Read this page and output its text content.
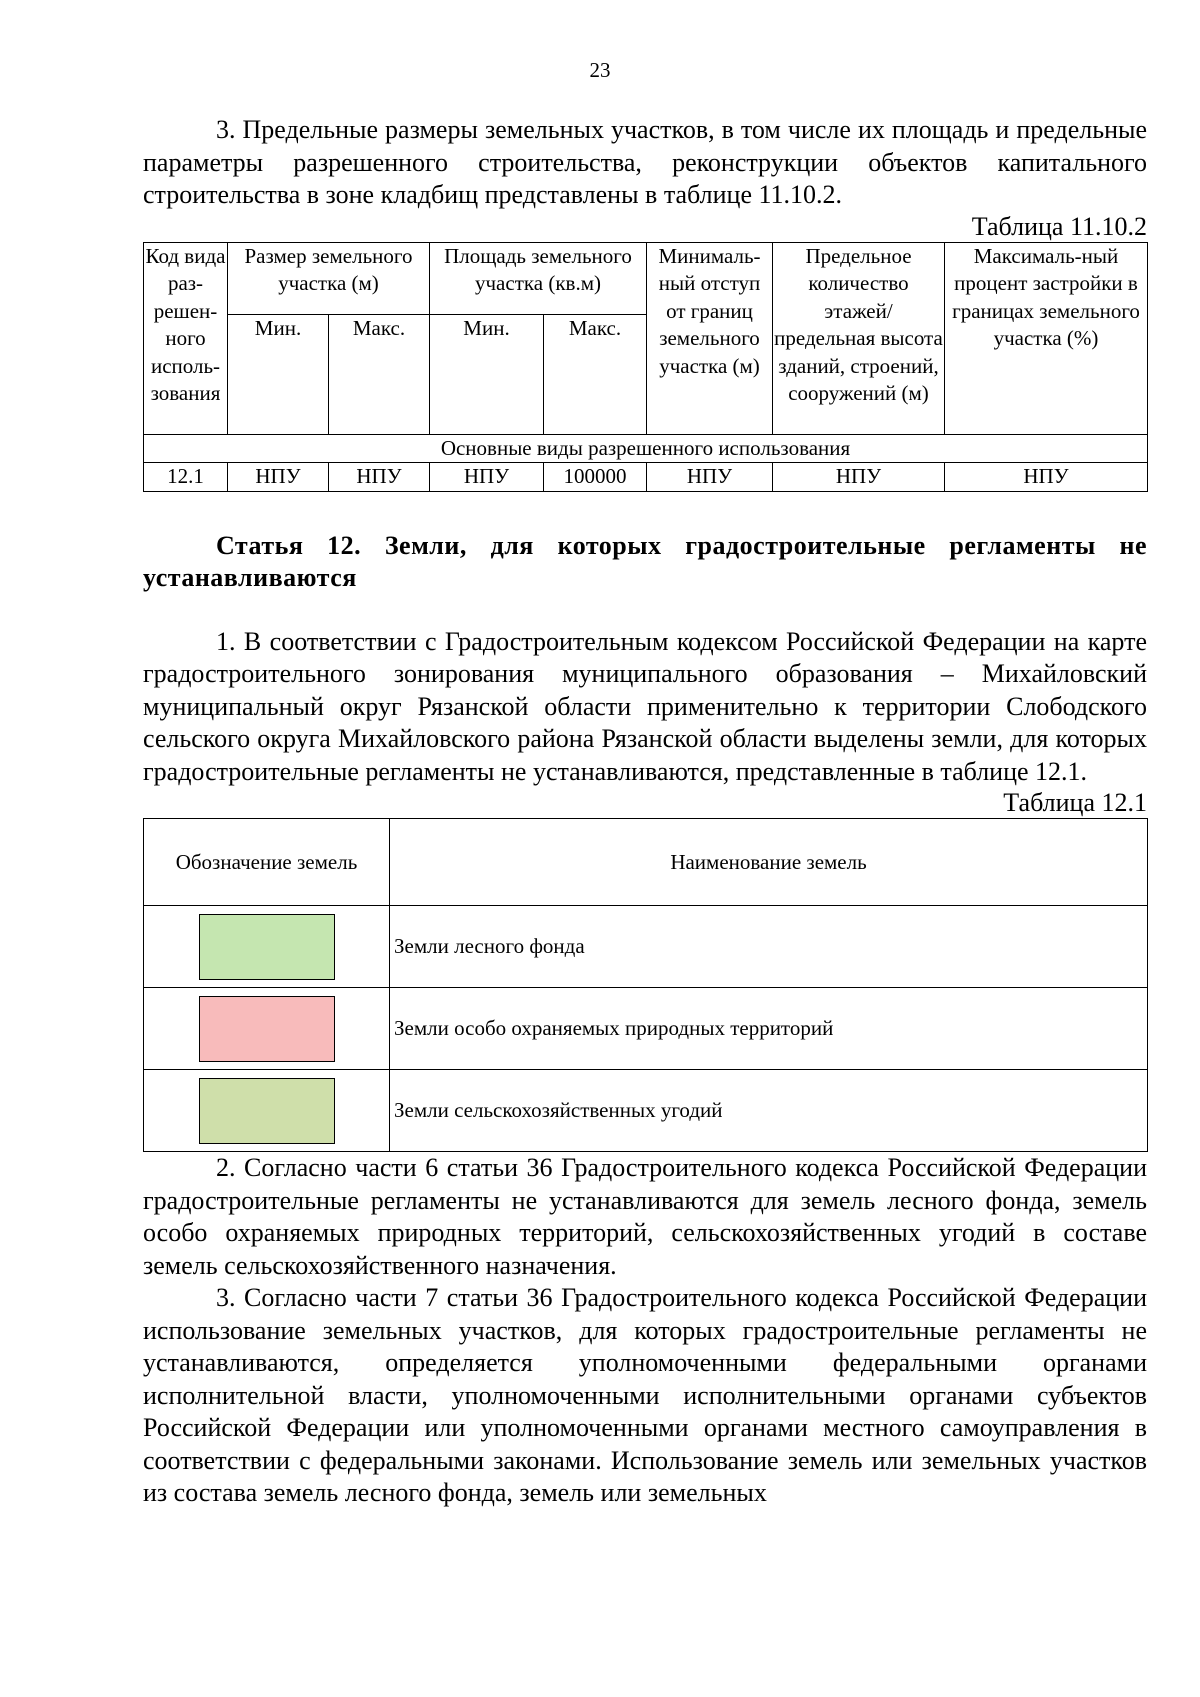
23

3. Предельные размеры земельных участков, в том числе их площадь и предельные параметры разрешенного строительства, реконструкции объектов капитального строительства в зоне кладбищ представлены в таблице 11.10.2.

Таблица 11.10.2

Код вида раз-решен-ного исполь-зования	Размер земельного участка (м)		Площадь земельного участка (кв.м)		Минималь-ный отступ от границ земельного участка (м)	Предельное количество этажей/ предельная высота зданий, строений, сооружений (м)	Максималь-ный процент застройки в границах земельного участка (%)
	Мин.	Макс.	Мин.	Макс.			
Основные виды разрешенного использования							
12.1	НПУ	НПУ	НПУ	100000	НПУ	НПУ	НПУ

Статья 12. Земли, для которых градостроительные регламенты не устанавливаются

1. В соответствии с Градостроительным кодексом Российской Федерации на карте градостроительного зонирования муниципального образования – Михайловский муниципальный округ Рязанской области применительно к территории Слободского сельского округа Михайловского района Рязанской области выделены земли, для которых градостроительные регламенты не устанавливаются, представленные в таблице 12.1.

Таблица 12.1

Обозначение земель	Наименование земель

	Земли лесного фонда

	Земли особо охраняемых природных территорий

	Земли сельскохозяйственных угодий

2. Согласно части 6 статьи 36 Градостроительного кодекса Российской Федерации градостроительные регламенты не устанавливаются для земель лесного фонда, земель особо охраняемых природных территорий, сельскохозяйственных угодий в составе земель сельскохозяйственного назначения.

3. Согласно части 7 статьи 36 Градостроительного кодекса Российской Федерации использование земельных участков, для которых градостроительные регламенты не устанавливаются, определяется уполномоченными федеральными органами исполнительной власти, уполномоченными исполнительными органами субъектов Российской Федерации или уполномоченными органами местного самоуправления в соответствии с федеральными законами. Использование земель или земельных участков из состава земель лесного фонда, земель или земельных
